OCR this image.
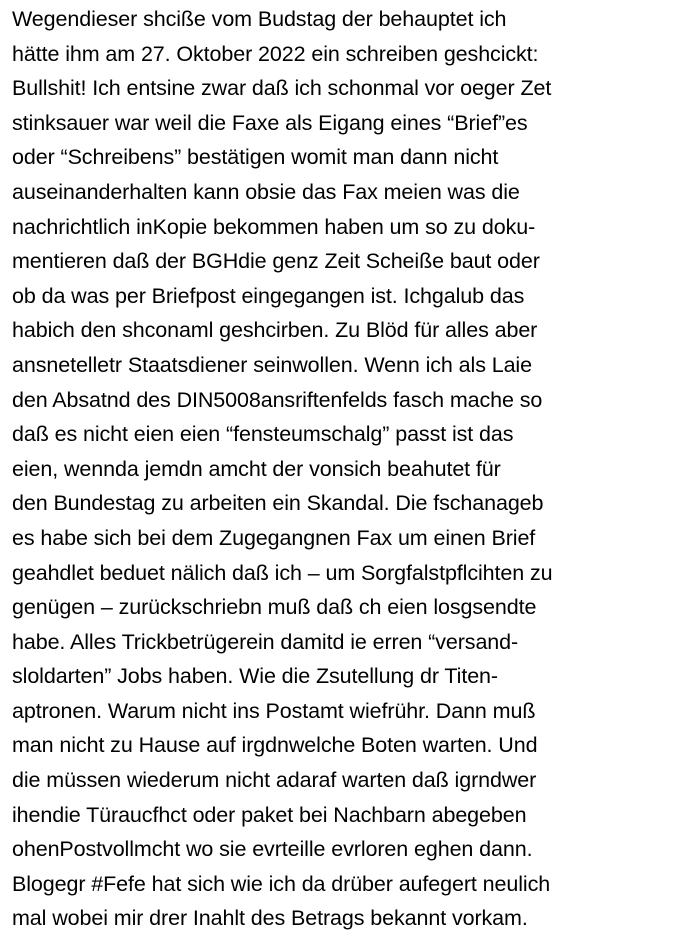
Wegendieser shciße vom Budstag der behauptet ich
hätte ihm am 27. Oktober 2022 ein schreiben geshcickt:
Bullshit! Ich entsine zwar daß ich schonmal vor oeger Zet
stinksauer war weil die Faxe als Eigang eines “Brief”es
oder “Schreibens” bestätigen womit man dann nicht
auseinanderhalten kann obsie das Fax meien was die
nachrichtlich inKopie bekommen haben um so zu doku-
mentieren daß der BGHdie genz Zeit Scheiße baut oder
ob da was per Briefpost eingegangen ist. Ichgalub das
habich den shconaml geshcirben. Zu Blöd für alles aber
ansnetelletr Staatsdiener seinwollen. Wenn ich als Laie
den Absatnd des DIN5008ansriftenfelds fasch mache so
daß es nicht eien eien “fensteumschalg” passt ist das
eien, wennda jemdn amcht der vonsich beahutet für
den Bundestag zu arbeiten ein Skandal. Die fschanageb
es habe sich bei dem Zugegangnen Fax um einen Brief
geahdlet beduet nälich daß ich – um Sorgfalstpflcihten zu
genügen – zurückschriebn muß daß ch eien losgsendte
habe. Alles Trickbetrügerein damitd ie erren “versand-
sloldarten” Jobs haben. Wie die Zsutellung dr Titen-
aptronen. Warum nicht ins Postamt wiefrühr. Dann muß
man nicht zu Hause auf irgdnwelche Boten warten. Und
die müssen wiederum nicht adaraf warten daß igrndwer
ihendie Türaucfhct oder paket bei Nachbarn abegeben
ohenPostvollmcht wo sie evrteille evrloren eghen dann.
Blogegr #Fefe hat sich wie ich da drüber aufegert neulich
mal wobei mir drer Inahlt des Betrags bekannt vorkam.
